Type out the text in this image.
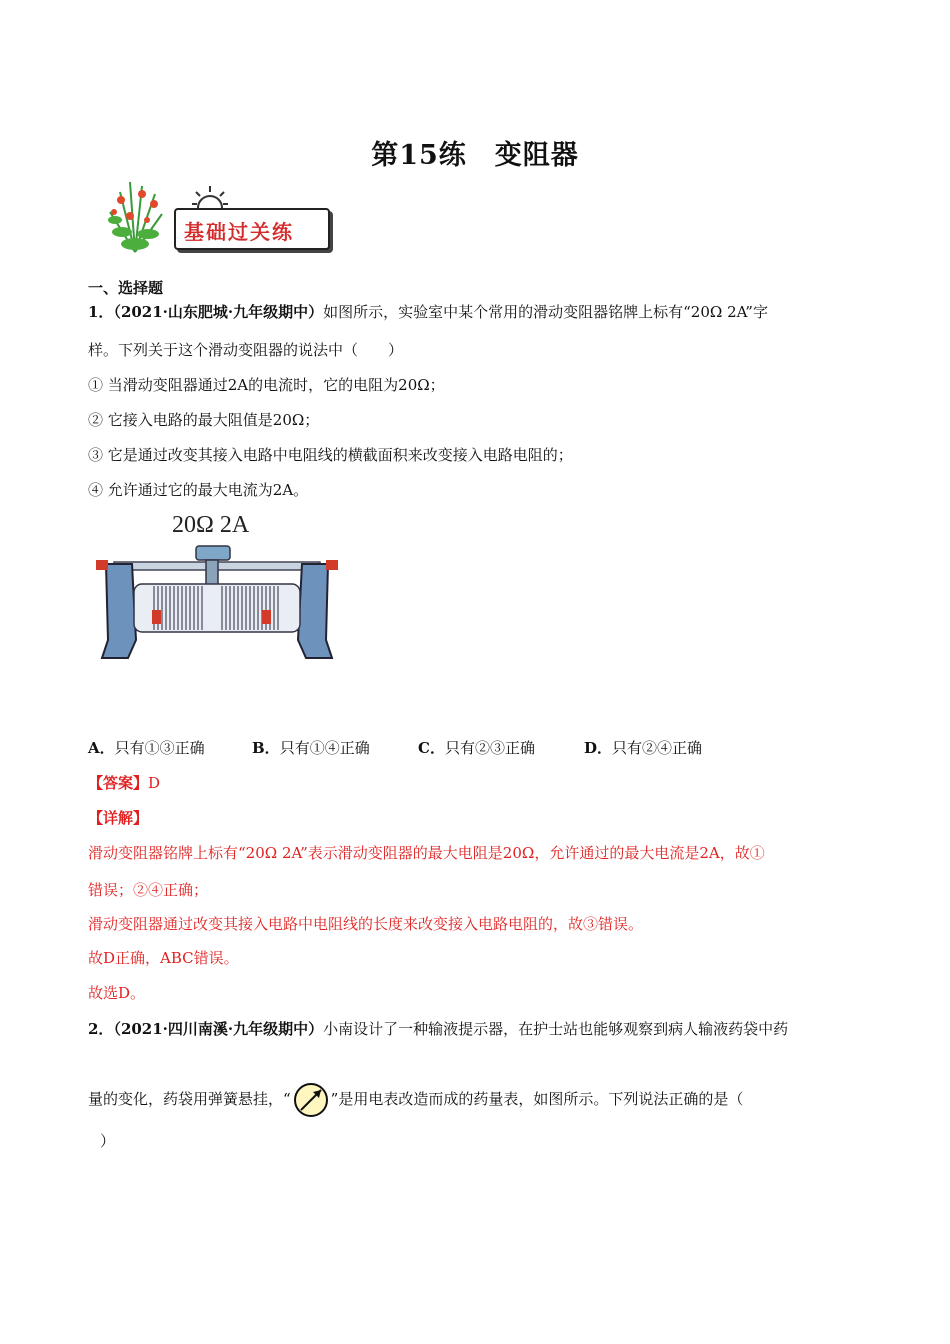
第15练 变阻器
基础过关练
一、选择题
1．（2021·山东肥城·九年级期中）如图所示，实验室中某个常用的滑动变阻器铭牌上标有“20Ω 2A”字
样。下列关于这个滑动变阻器的说法中（　　）
① 当滑动变阻器通过2A的电流时，它的电阻为20Ω；
② 它接入电路的最大阻值是20Ω；
③ 它是通过改变其接入电路中电阻线的横截面积来改变接入电路电阻的；
④ 允许通过它的最大电流为2A。
20Ω 2A
A．只有①③正确	B．只有①④正确	C．只有②③正确	D．只有②④正确
【答案】D
【详解】
滑动变阻器铭牌上标有“20Ω 2A”表示滑动变阻器的最大电阻是20Ω，允许通过的最大电流是2A，故①
错误；②④正确；
滑动变阻器通过改变其接入电路中电阻线的长度来改变接入电路电阻的，故③错误。
故D正确，ABC错误。
故选D。
2．（2021·四川南溪·九年级期中）小南设计了一种输液提示器，在护士站也能够观察到病人输液药袋中药
量的变化，药袋用弹簧悬挂，“	”是用电表改造而成的药量表，如图所示。下列说法正确的是（
）
